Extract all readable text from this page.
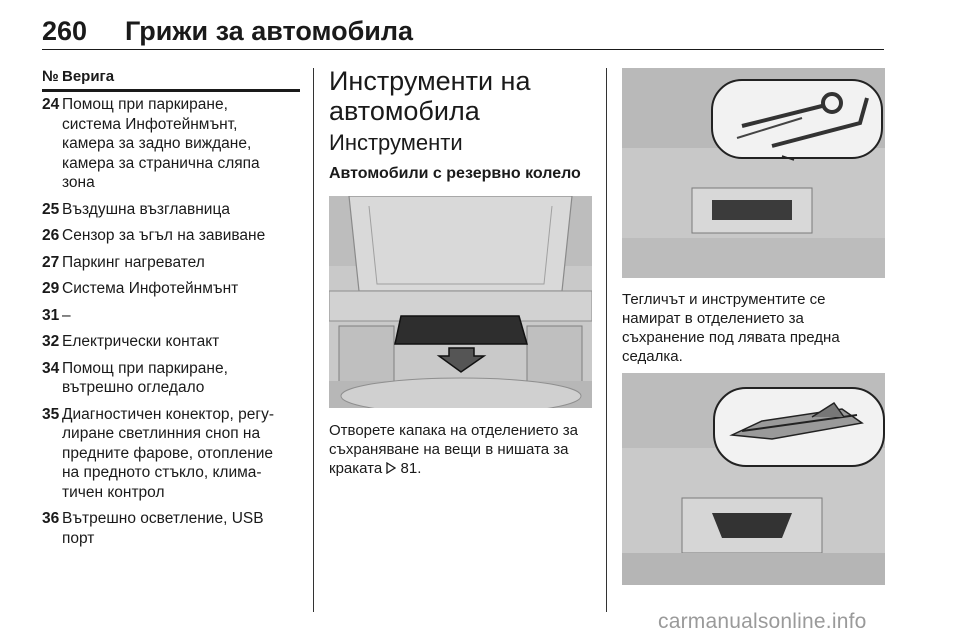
260 Грижи за автомобила
№ Верига
24 Помощ при паркиране,
система Инфотейнмънт,
камера за задно виждане,
камера за странична сляпа
зона
25 Въздушна възглавница
26 Сензор за ъгъл на завиване
27 Паркинг нагревател
29 Система Инфотейнмънт
31 –
32 Електрически контакт
34 Помощ при паркиране,
вътрешно огледало
35 Диагностичен конектор, регу-
лиране светлинния сноп на
предните фарове, отопление
на предното стъкло, клима-
тичен контрол
36 Вътрешно осветление, USB
порт
Инструменти на
автомобила
Инструменти
Автомобили с резервно колело
Отворете капака на отделението за
съхраняване на вещи в нишата за
краката 81.
Тегличът и инструментите се
намират в отделението за
съхранение под лявата предна
седалка.
carmanualsonline.info
